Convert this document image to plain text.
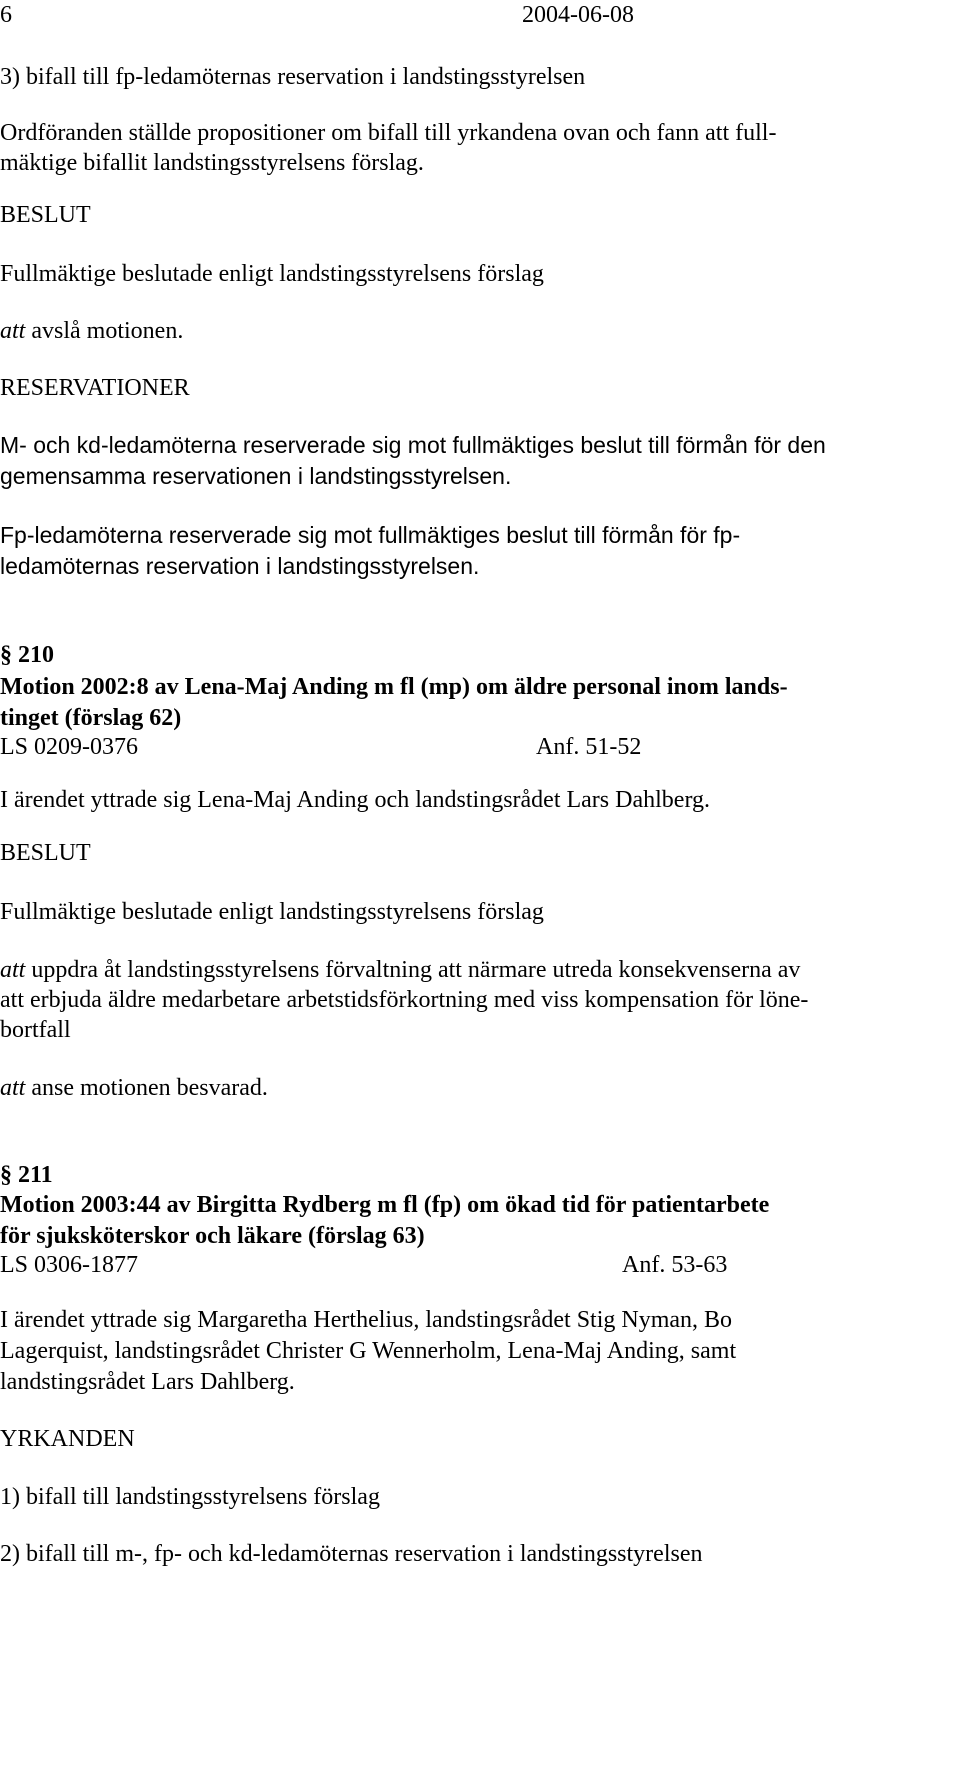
6	2004-06-08
3) bifall till fp-ledamöternas reservation i landstingsstyrelsen
Ordföranden ställde propositioner om bifall till yrkandena ovan och fann att full-
mäktige bifallit landstingsstyrelsens förslag.
BESLUT
Fullmäktige beslutade enligt landstingsstyrelsens förslag
att avslå motionen.
RESERVATIONER
M- och kd-ledamöterna reserverade sig mot fullmäktiges beslut till förmån för den
gemensamma reservationen i landstingsstyrelsen.
Fp-ledamöterna reserverade sig mot fullmäktiges beslut till förmån för fp-
ledamöternas reservation i landstingsstyrelsen.
§ 210
Motion 2002:8 av Lena-Maj Anding m fl (mp) om äldre personal inom lands-
tinget (förslag 62)
LS 0209-0376	Anf. 51-52
I ärendet yttrade sig Lena-Maj Anding och landstingsrådet Lars Dahlberg.
BESLUT
Fullmäktige beslutade enligt landstingsstyrelsens förslag
att uppdra åt landstingsstyrelsens förvaltning att närmare utreda konsekvenserna av
att erbjuda äldre medarbetare arbetstidsförkortning med viss kompensation för löne-
bortfall
att anse motionen besvarad.
§ 211
Motion 2003:44 av Birgitta Rydberg m fl (fp) om ökad tid för patientarbete
för sjuksköterskor och läkare (förslag 63)
LS 0306-1877	Anf. 53-63
I ärendet yttrade sig Margaretha Herthelius, landstingsrådet Stig Nyman, Bo
Lagerquist, landstingsrådet Christer G Wennerholm, Lena-Maj Anding, samt
landstingsrådet Lars Dahlberg.
YRKANDEN
1) bifall till landstingsstyrelsens förslag
2) bifall till m-, fp- och kd-ledamöternas reservation i landstingsstyrelsen
